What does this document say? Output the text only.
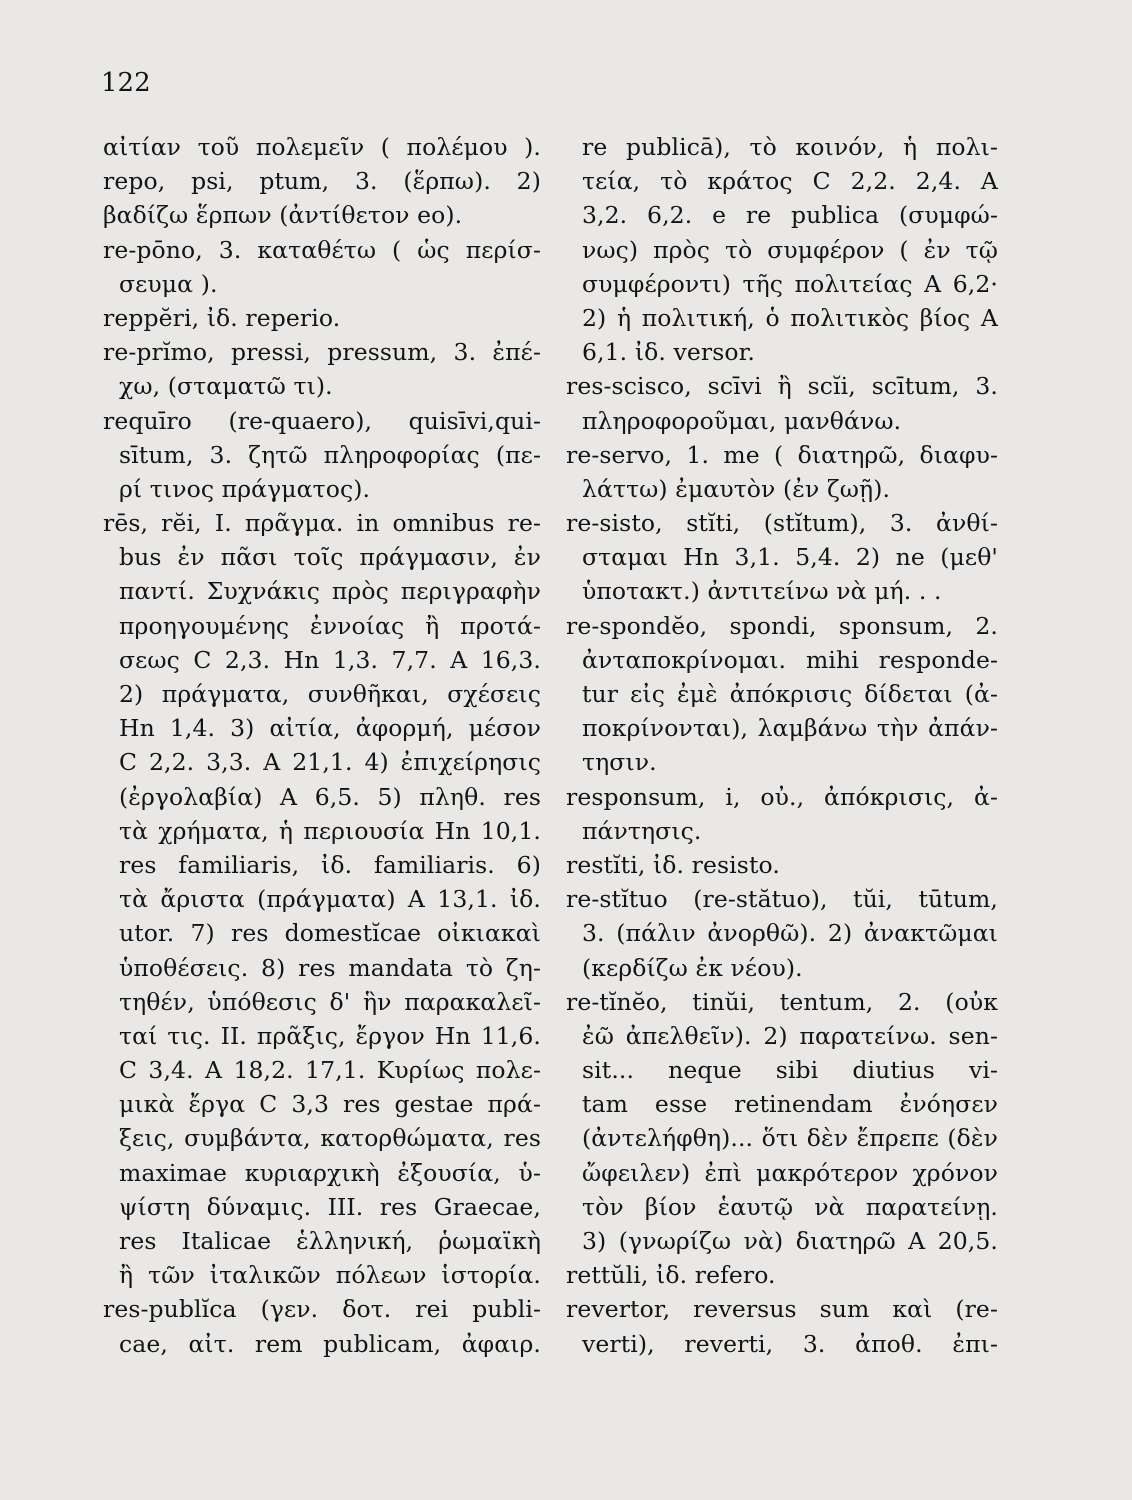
122
αἰτίαν τοῦ πολεμεῖν ( πολέμου ).
repo, psi, ptum, 3. (ἕρπω). 2)
βαδίζω ἕρπων (ἀντίθετον eo).
re-pōno, 3. καταθέτω ( ὡς περίσ-
σευμα ).
reppĕri, ἰδ. reperio.
re-prĭmo, pressi, pressum, 3. ἐπέ-
χω, (σταματῶ τι).
requīro (re-quaero), quisīvi,qui-
sītum, 3. ζητῶ πληροφορίας (πε-
ρί τινος πράγματος).
rēs, rĕi, I. πρᾶγμα. in omnibus re-
bus ἐν πᾶσι τοῖς πράγμασιν, ἐν
παντί. Συχνάκις πρὸς περιγραφὴν
προηγουμένης ἐννοίας ἢ προτά-
σεως C 2,3. Hn 1,3. 7,7. A 16,3.
2) πράγματα, συνθῆκαι, σχέσεις
Hn 1,4. 3) αἰτία, ἀφορμή, μέσον
C 2,2. 3,3. A 21,1. 4) ἐπιχείρησις
(ἐργολαβία) A 6,5. 5) πληθ. res
τὰ χρήματα, ἡ περιουσία Hn 10,1.
res familiaris, ἰδ. familiaris. 6)
τὰ ἄριστα (πράγματα) A 13,1. ἰδ.
utor. 7) res domestĭcae οἰκιακαὶ
ὑποθέσεις. 8) res mandata τὸ ζη-
τηθέν, ὑπόθεσις δ' ἣν παρακαλεῖ-
ταί τις. II. πρᾶξις, ἔργον Hn 11,6.
C 3,4. A 18,2. 17,1. Κυρίως πολε-
μικὰ ἔργα C 3,3 res gestae πρά-
ξεις, συμβάντα, κατορθώματα, res
maximae κυριαρχικὴ ἐξουσία, ὑ-
ψίστη δύναμις. III. res Graecae,
res Italicae ἑλληνική, ῥωμαϊκὴ
ἢ τῶν ἰταλικῶν πόλεων ἱστορία.
res-publĭca (γεν. δοτ. rei publi-
cae, αἰτ. rem publicam, ἀφαιρ.
re publicā), τὸ κοινόν, ἡ πολι-
τεία, τὸ κράτος C 2,2. 2,4. A
3,2. 6,2. e re publica (συμφώ-
νως) πρὸς τὸ συμφέρον ( ἐν τῷ
συμφέροντι) τῆς πολιτείας A 6,2·
2) ἡ πολιτική, ὁ πολιτικὸς βίος A
6,1. ἰδ. versor.
res-scisco, scīvi ἢ scĭi, scītum, 3.
πληροφοροῦμαι, μανθάνω.
re-servo, 1. me ( διατηρῶ, διαφυ-
λάττω) ἐμαυτὸν (ἐν ζωῇ).
re-sisto, stĭti, (stĭtum), 3. ἀνθί-
σταμαι Hn 3,1. 5,4. 2) ne (μεθ'
ὑποτακτ.) ἀντιτείνω νὰ μή. . .
re-spondĕo, spondi, sponsum, 2.
ἀνταποκρίνομαι. mihi responde-
tur εἰς ἐμὲ ἀπόκρισις δίδεται (ἀ-
ποκρίνονται), λαμβάνω τὴν ἀπάν-
τησιν.
responsum, i, οὐ., ἀπόκρισις, ἀ-
πάντησις.
restĭti, ἰδ. resisto.
re-stĭtuo (re-stătuo), tŭi, tūtum,
3. (πάλιν ἀνορθῶ). 2) ἀνακτῶμαι
(κερδίζω ἐκ νέου).
re-tĭnĕo, tinŭi, tentum, 2. (οὐκ
ἐῶ ἀπελθεῖν). 2) παρατείνω. sen-
sit... neque sibi diutius vi-
tam esse retinendam ἐνόησεν
(ἀντελήφθη)... ὅτι δὲν ἔπρεπε (δὲν
ὤφειλεν) ἐπὶ μακρότερον χρόνον
τὸν βίον ἑαυτῷ νὰ παρατείνῃ.
3) (γνωρίζω νὰ) διατηρῶ A 20,5.
rettŭli, ἰδ. refero.
revertor, reversus sum καὶ (re-
verti), reverti, 3. ἀποθ. ἐπι-
